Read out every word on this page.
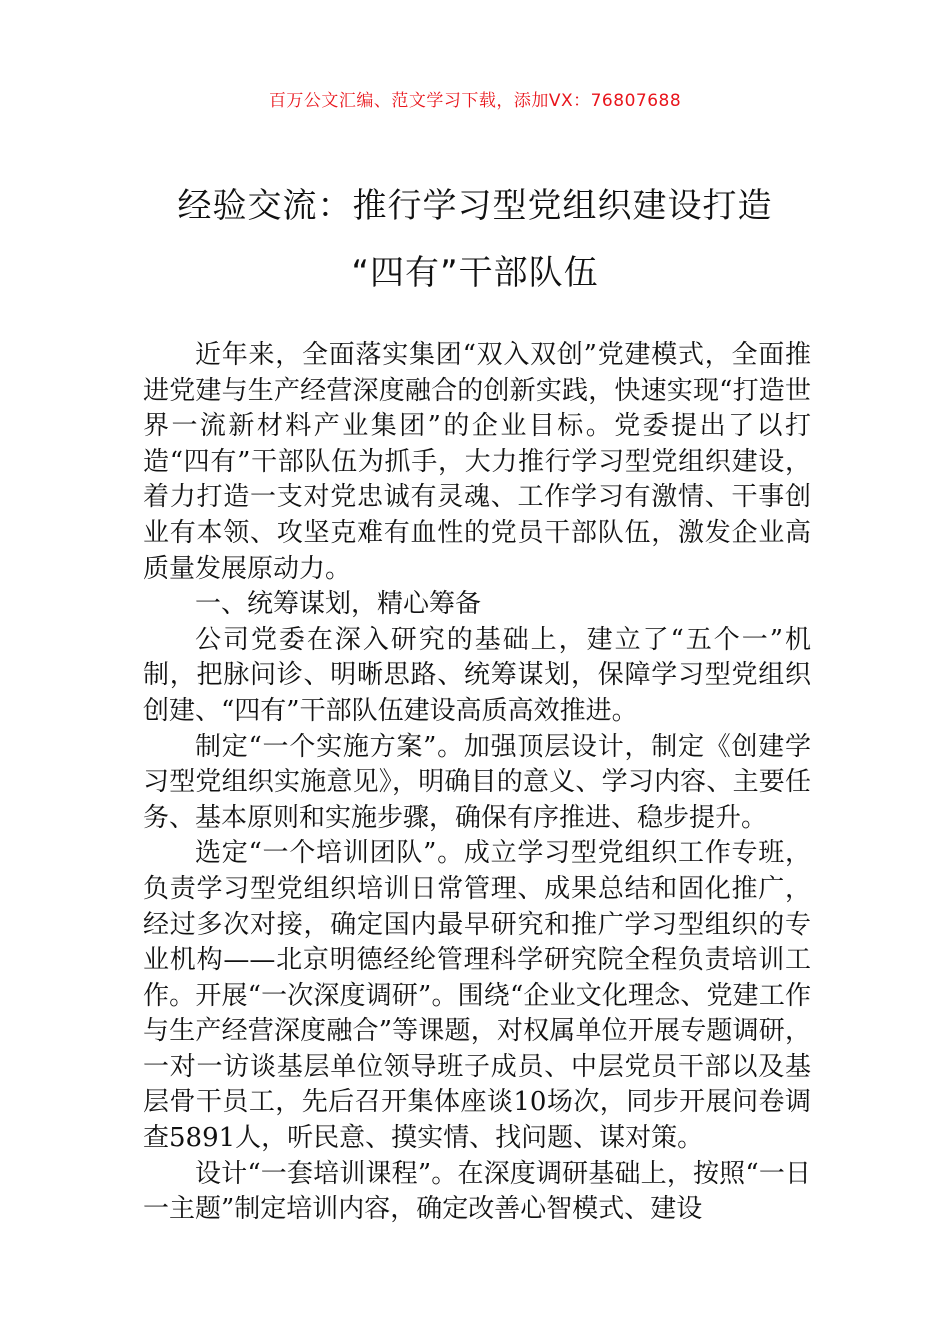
百万公文汇编、范文学习下载，添加VX：76807688
经验交流：推行学习型党组织建设打造
“四有”干部队伍

近年来，全面落实集团“双入双创”党建模式，全面推进党建与生产经营深度融合的创新实践，快速实现“打造世界一流新材料产业集团”的企业目标。党委提出了以打造“四有”干部队伍为抓手，大力推行学习型党组织建设，着力打造一支对党忠诚有灵魂、工作学习有激情、干事创业有本领、攻坚克难有血性的党员干部队伍，激发企业高质量发展原动力。

一、统筹谋划，精心筹备

公司党委在深入研究的基础上，建立了“五个一”机制，把脉问诊、明晰思路、统筹谋划，保障学习型党组织创建、“四有”干部队伍建设高质高效推进。

制定“一个实施方案”。加强顶层设计，制定《创建学习型党组织实施意见》，明确目的意义、学习内容、主要任务、基本原则和实施步骤，确保有序推进、稳步提升。

选定“一个培训团队”。成立学习型党组织工作专班，负责学习型党组织培训日常管理、成果总结和固化推广，经过多次对接，确定国内最早研究和推广学习型组织的专业机构——北京明德经纶管理科学研究院全程负责培训工作。开展“一次深度调研”。围绕“企业文化理念、党建工作与生产经营深度融合”等课题，对权属单位开展专题调研，一对一访谈基层单位领导班子成员、中层党员干部以及基层骨干员工，先后召开集体座谈10场次，同步开展问卷调查5891人，听民意、摸实情、找问题、谋对策。

设计“一套培训课程”。在深度调研基础上，按照“一日一主题”制定培训内容，确定改善心智模式、建设
